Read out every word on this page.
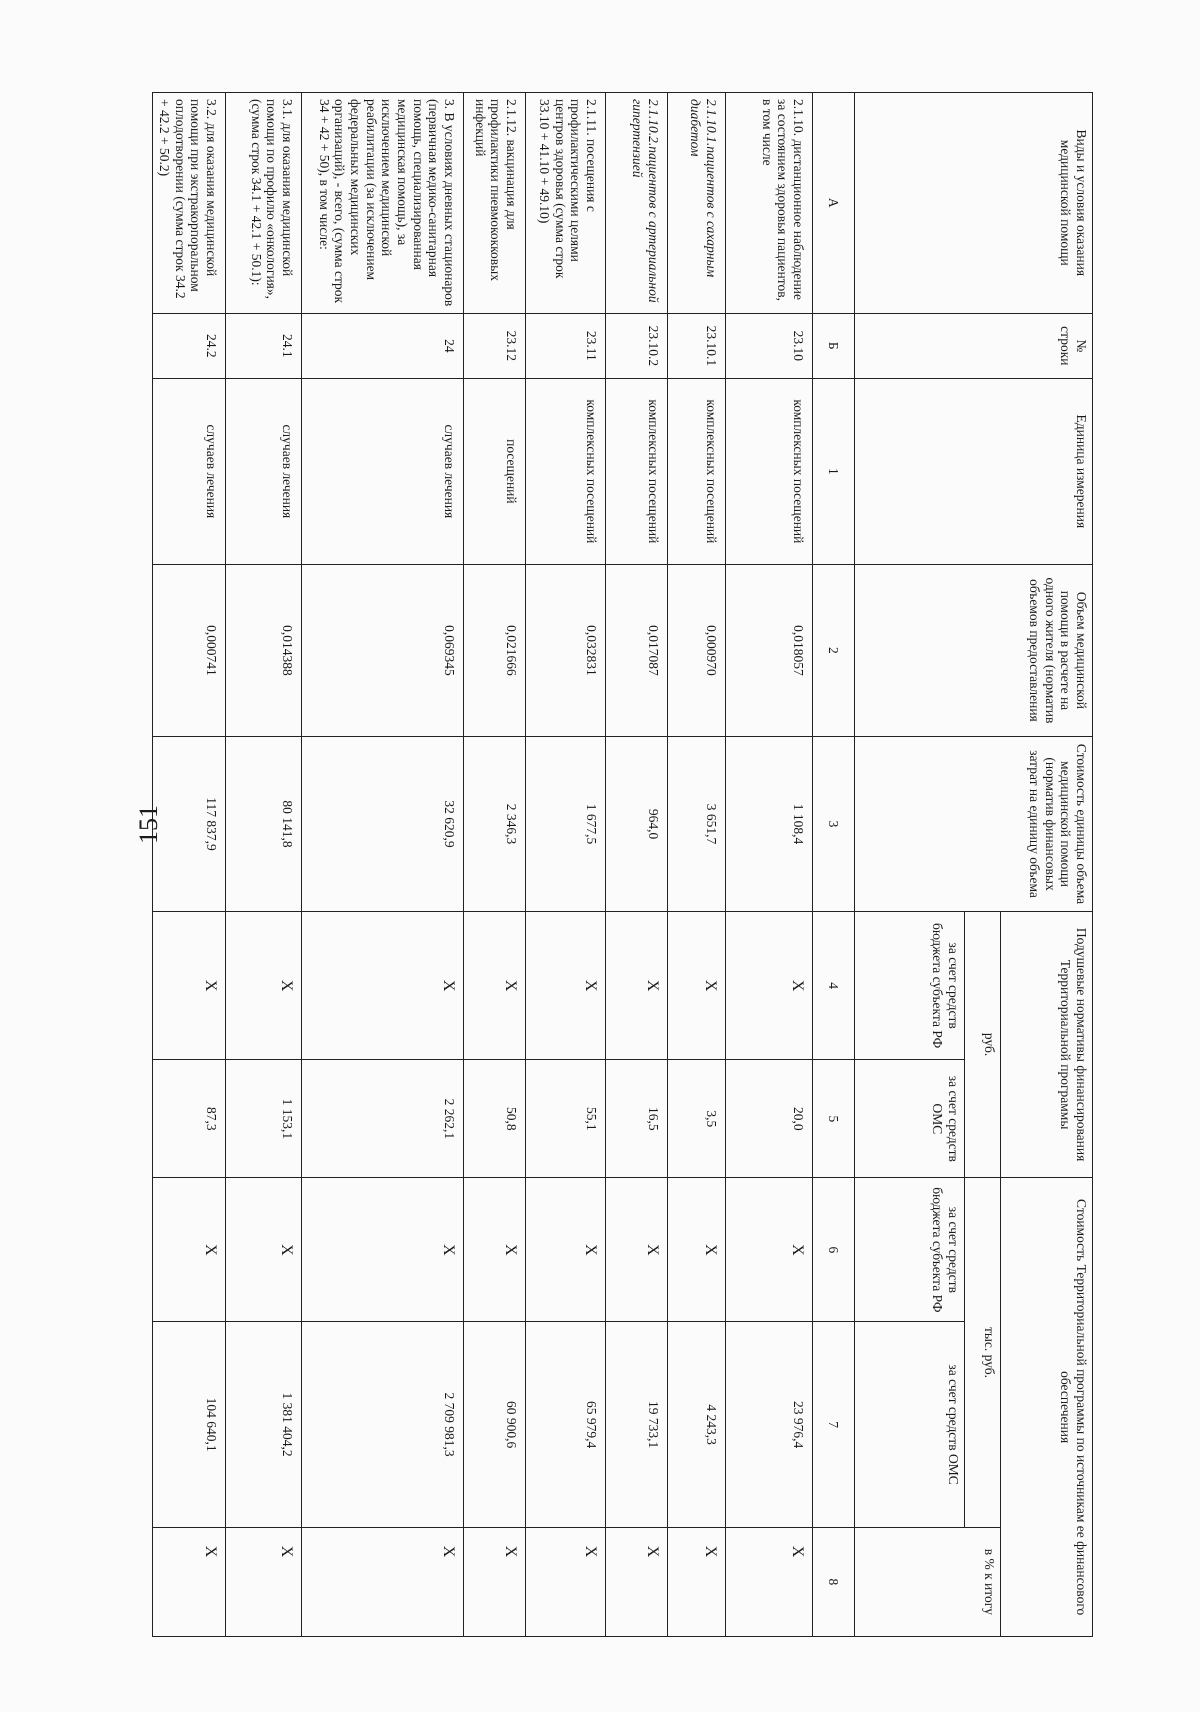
151
Виды и условия оказания медицинской помощи	№ строки	Единица измерения	Объем медицинской помощи в расчете на одного жителя (норматив объемов предоставления	Стоимость единицы объема медицинской помощи (норматив финансовых затрат на единицу объема	Подушевые нормативы финансирования Территориальной программы		Стоимость Территориальной программы по источникам ее финансового обеспечения		
					руб.		тыс. руб.		в % к итогу
					за счет средств бюджета субъекта РФ	за счет средств ОМС	за счет средств бюджета субъекта РФ	за счет средств ОМС	
А	Б	1	2	3	4	5	6	7	8
2.1.10. дистанционное наблюдение за состоянием здоровья пациентов, в том числе	23.10	комплексных посещений	0,018057	1 108,4	X	20,0	X	23 976,4	X
2.1.10.1.пациентов с сахарным диабетом	23.10.1	комплексных посещений	0,000970	3 651,7	X	3,5	X	4 243,3	X
2.1.10.2.пациентов с артериальной гипертензией	23.10.2	комплексных посещений	0,017087	964,0	X	16,5	X	19 733,1	X
2.1.11. посещения с профилактическими целями центров здоровья (сумма строк 33.10 + 41.10 + 49.10)	23.11	комплексных посещений	0,032831	1 677,5	X	55,1	X	65 979,4	X
2.1.12. вакцинация для профилактики пневмококковых инфекций	23.12	посещений	0,021666	2 346,3	X	50,8	X	60 900,6	X
3. В условиях дневных стационаров (первичная медико-санитарная помощь, специализированная медицинская помощь), за исключением медицинской реабилитации (за исключением федеральных медицинских организаций), - всего, (сумма строк 34 + 42 + 50), в том числе:	24	случаев лечения	0,069345	32 620,9	X	2 262,1	X	2 709 981,3	X
3.1. для оказания медицинской помощи по профилю «онкология», (сумма строк 34.1 + 42.1 + 50.1):	24.1	случаев лечения	0,014388	80 141,8	X	1 153,1	X	1 381 404,2	X
3.2. для оказания медицинской помощи при экстракорпоральном оплодотворении (сумма строк 34.2 + 42.2 + 50.2)	24.2	случаев лечения	0,000741	117 837,9	X	87,3	X	104 640,1	X
